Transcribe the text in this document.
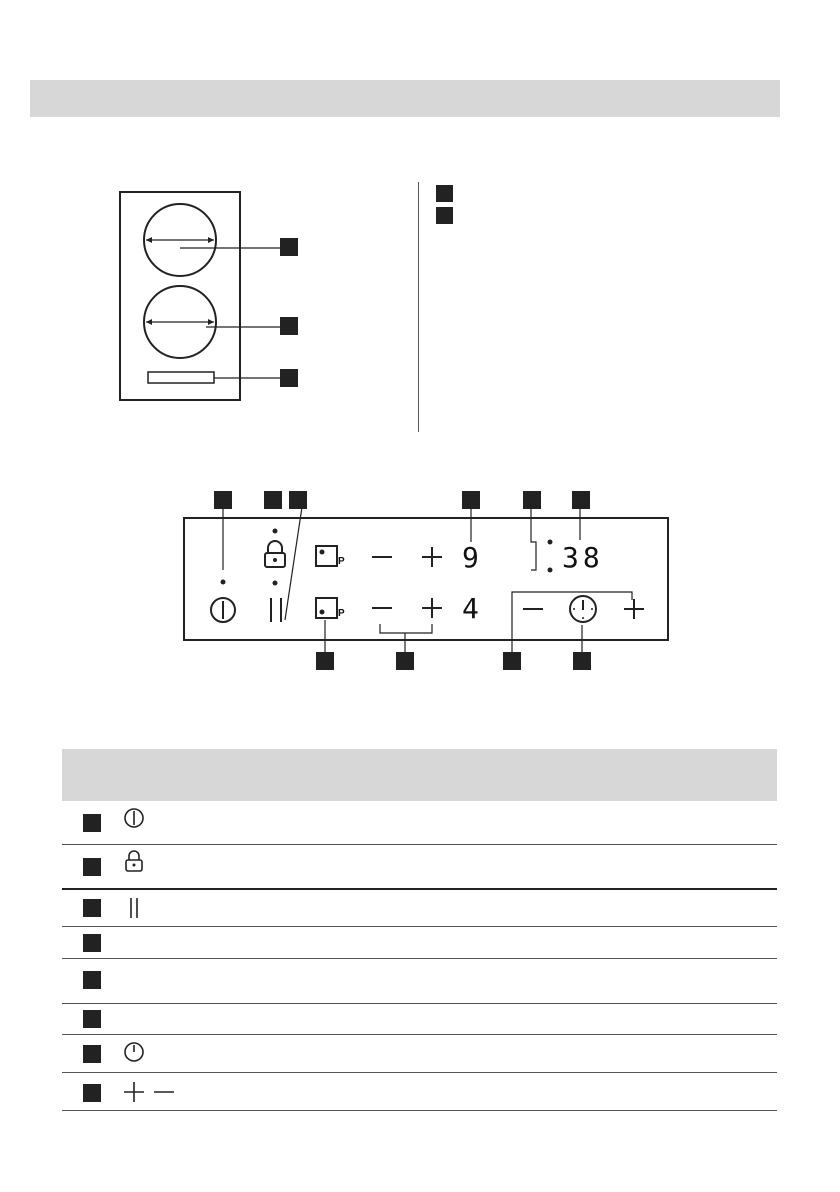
P
P
9
4
38
